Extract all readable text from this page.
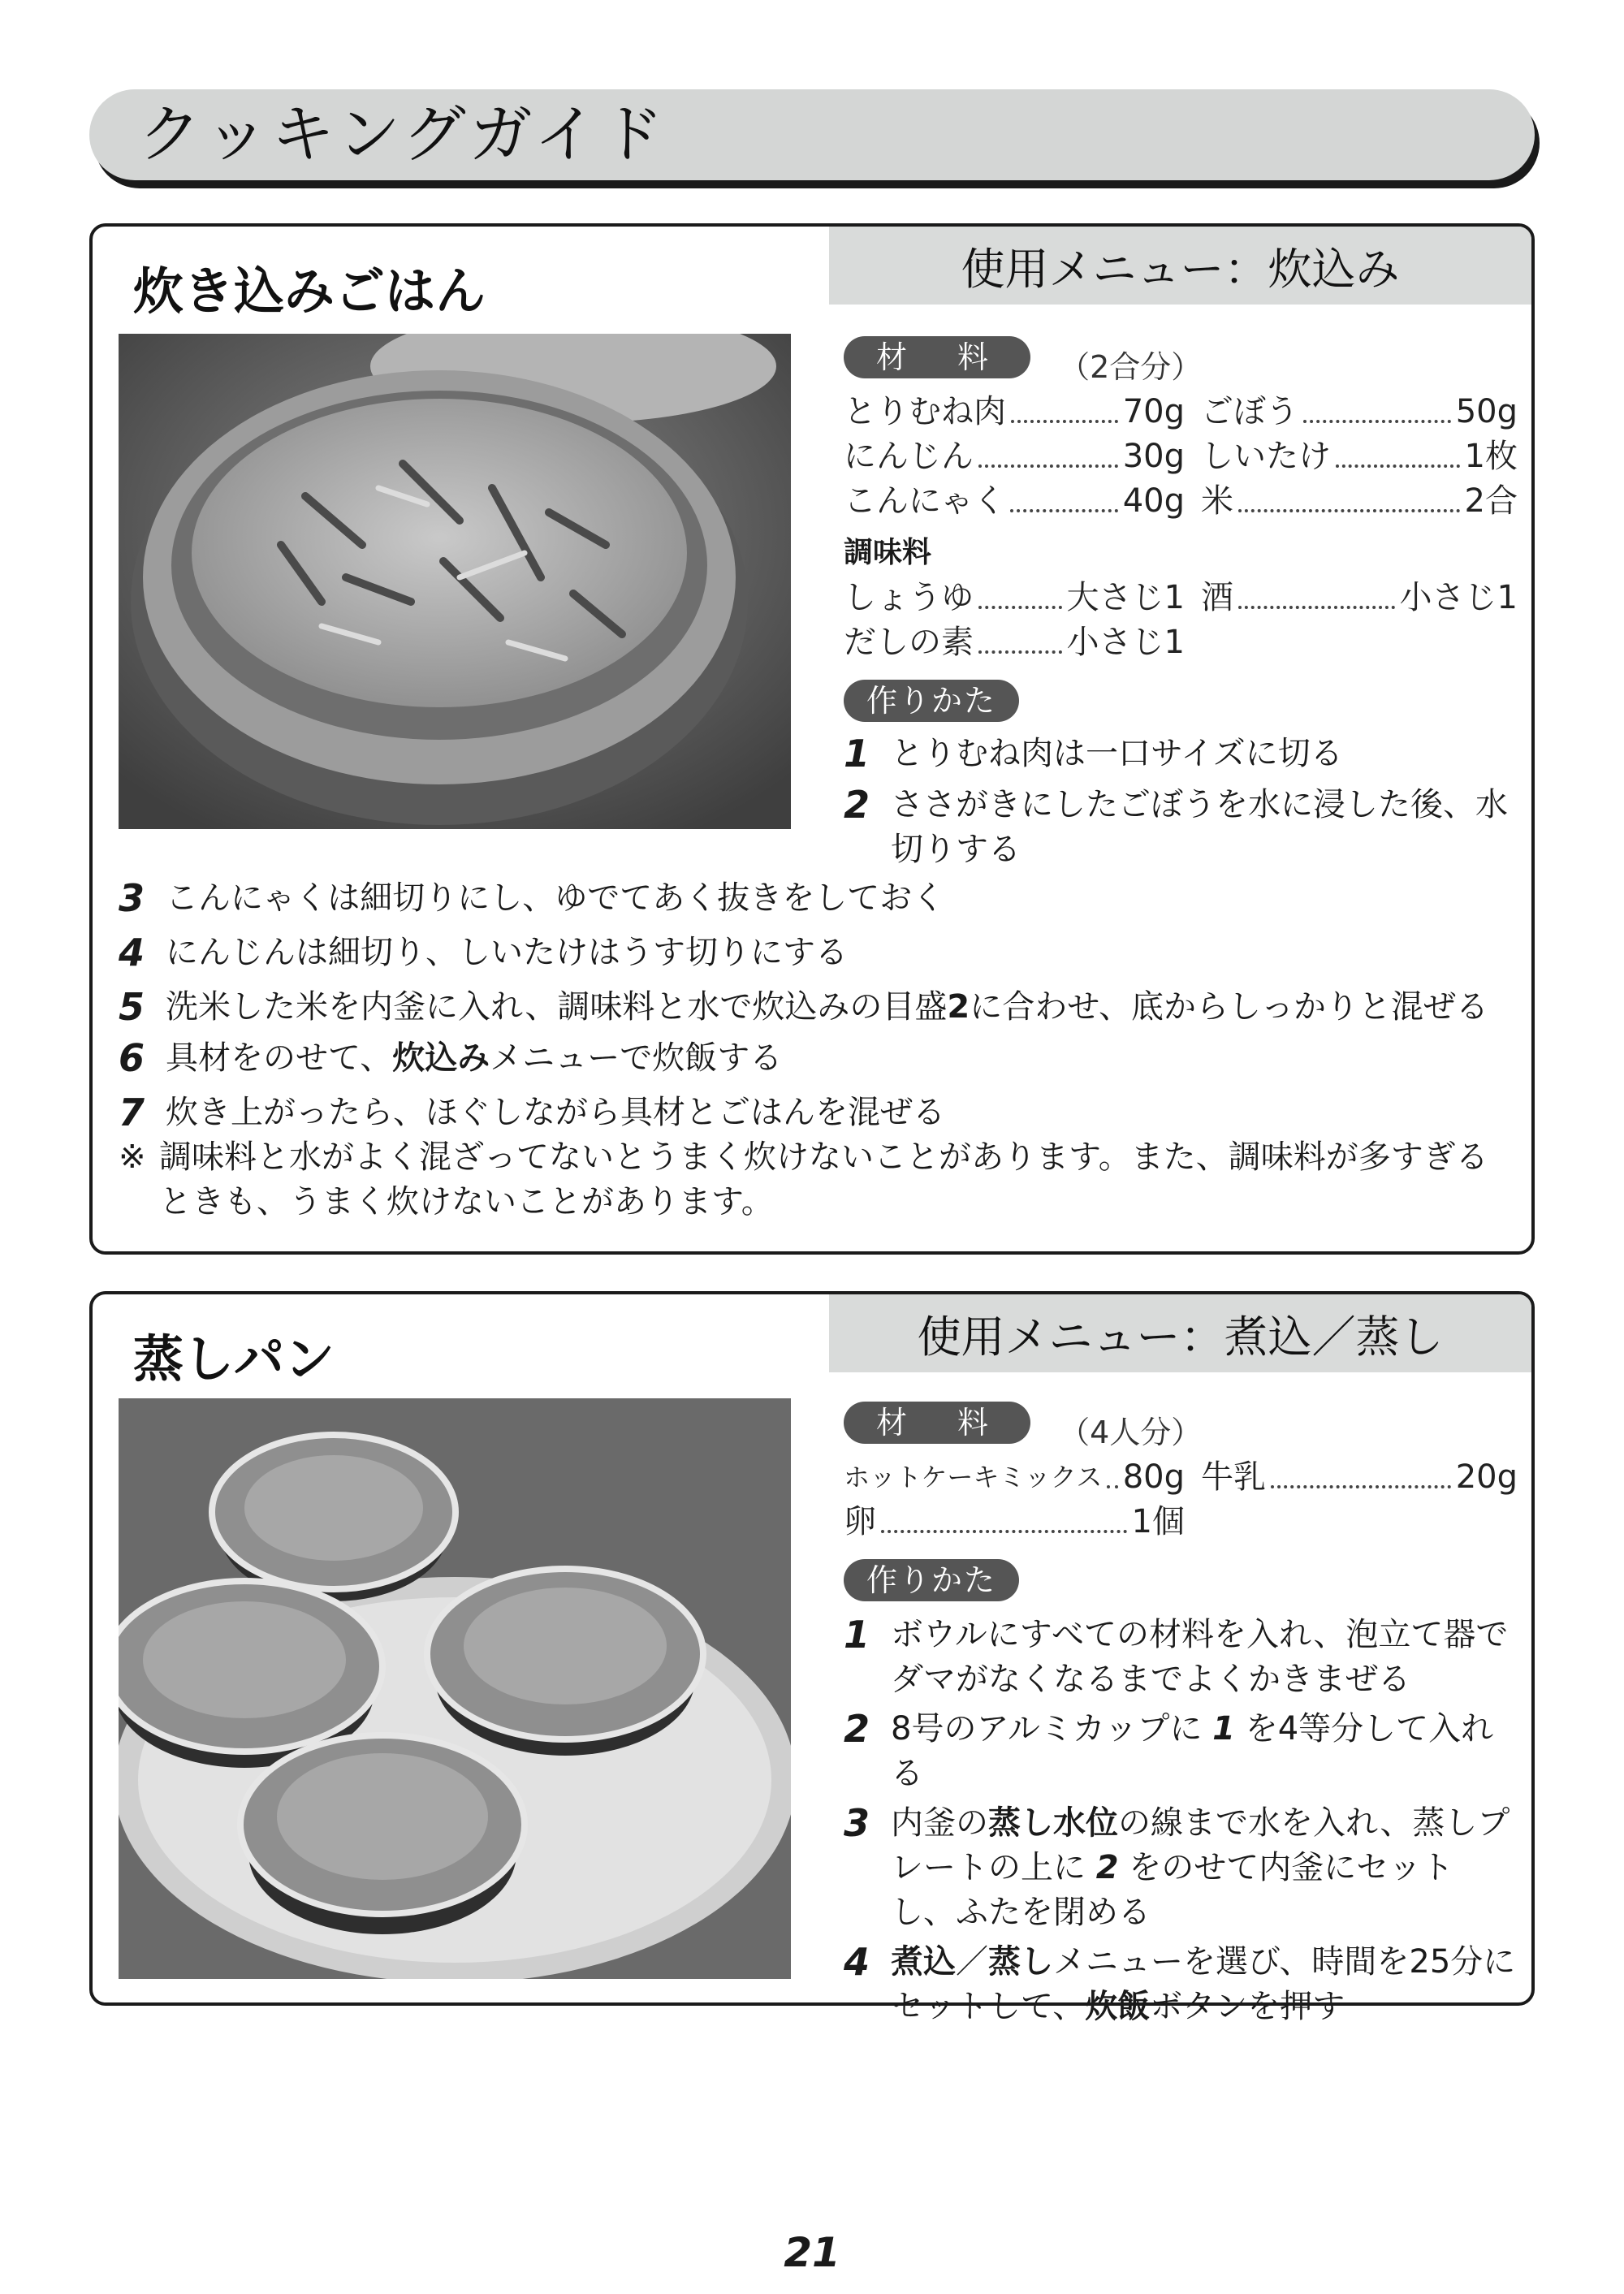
クッキングガイド
炊き込みごはん	使用メニュー：炊込み
材　料 （2合分）
とりむね肉	70g ごぼう	50g
にんじん	30g しいたけ	1枚
こんにゃく	40g 米	2合
調味料
しょうゆ	大さじ1 酒	小さじ1
だしの素	小さじ1
作りかた
1 とりむね肉は一口サイズに切る
2 ささがきにしたごぼうを水に浸した後、水切りする
3 こんにゃくは細切りにし、ゆでてあく抜きをしておく
4 にんじんは細切り、しいたけはうす切りにする
5 洗米した米を内釜に入れ、調味料と水で炊込みの目盛2に合わせ、底からしっかりと混ぜる
6 具材をのせて、炊込みメニューで炊飯する
7 炊き上がったら、ほぐしながら具材とごはんを混ぜる
※ 調味料と水がよく混ざってないとうまく炊けないことがあります。また、調味料が多すぎるときも、うまく炊けないことがあります。
蒸しパン	使用メニュー：煮込／蒸し
材　料 （4人分）
ホットケーキミックス 80g 牛乳	20g
卵	1個
作りかた
1 ボウルにすべての材料を入れ、泡立て器でダマがなくなるまでよくかきまぜる
2 8号のアルミカップに 1 を4等分して入れる
3 内釜の蒸し水位の線まで水を入れ、蒸しプレートの上に 2 をのせて内釜にセットし、ふたを閉める
4 煮込／蒸しメニューを選び、時間を25分にセットして、炊飯ボタンを押す
21
